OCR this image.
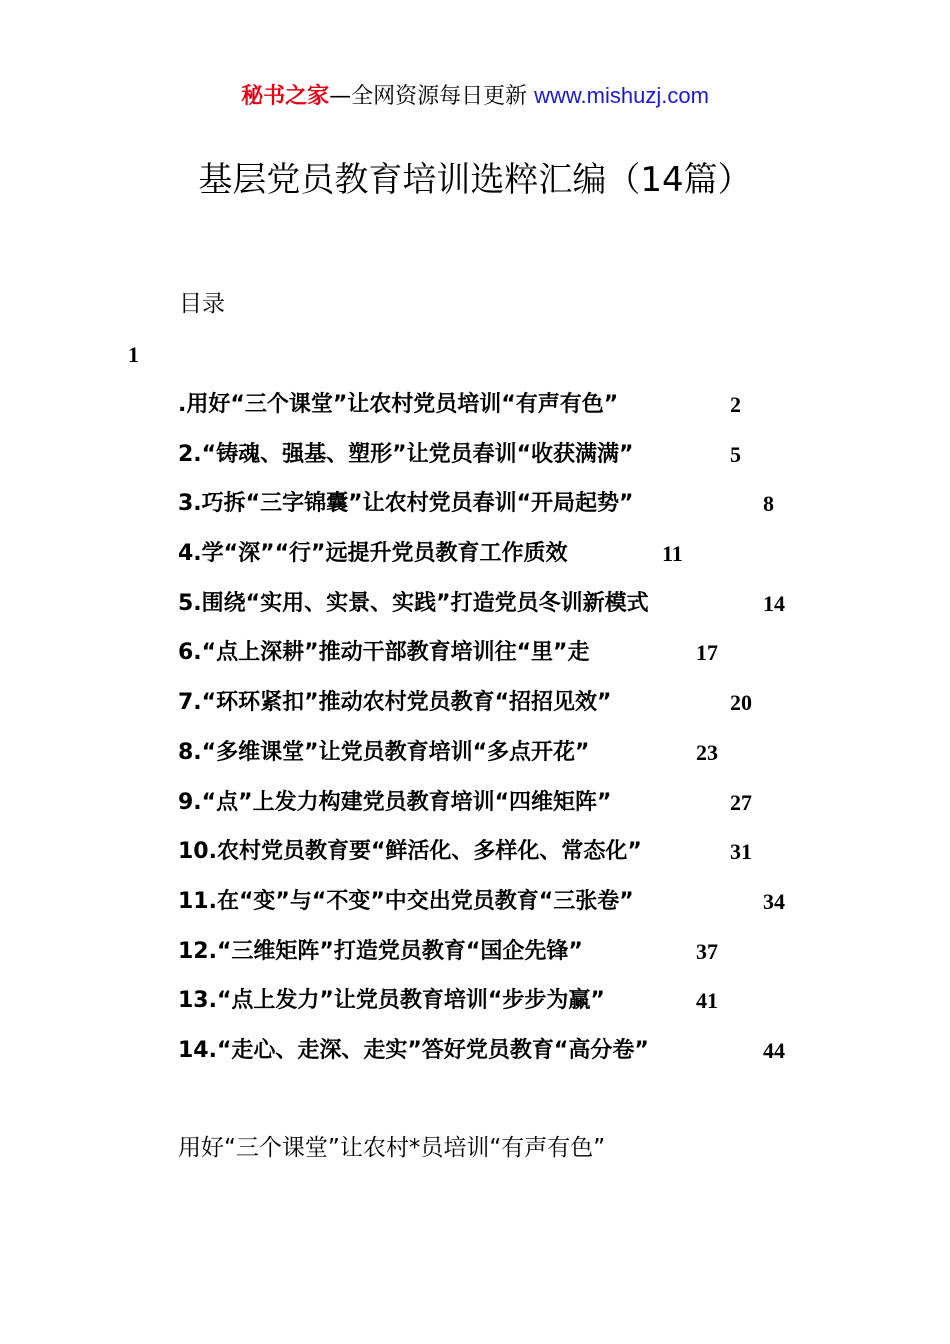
秘书之家—全网资源每日更新 www.mishuzj.com
基层党员教育培训选粹汇编（14篇）
目录
1
.用好“三个课堂”让农村党员培训“有声有色”	2
2.“铸魂、强基、塑形”让党员春训“收获满满”	5
3.巧拆“三字锦囊”让农村党员春训“开局起势”	8
4.学“深”“行”远提升党员教育工作质效	11
5.围绕“实用、实景、实践”打造党员冬训新模式	14
6.“点上深耕”推动干部教育培训往“里”走	17
7.“环环紧扣”推动农村党员教育“招招见效”	20
8.“多维课堂”让党员教育培训“多点开花”	23
9.“点”上发力构建党员教育培训“四维矩阵”	27
10.农村党员教育要“鲜活化、多样化、常态化”	31
11.在“变”与“不变”中交出党员教育“三张卷”	34
12.“三维矩阵”打造党员教育“国企先锋”	37
13.“点上发力”让党员教育培训“步步为赢”	41
14.“走心、走深、走实”答好党员教育“高分卷”	44
用好“三个课堂”让农村*员培训“有声有色”
